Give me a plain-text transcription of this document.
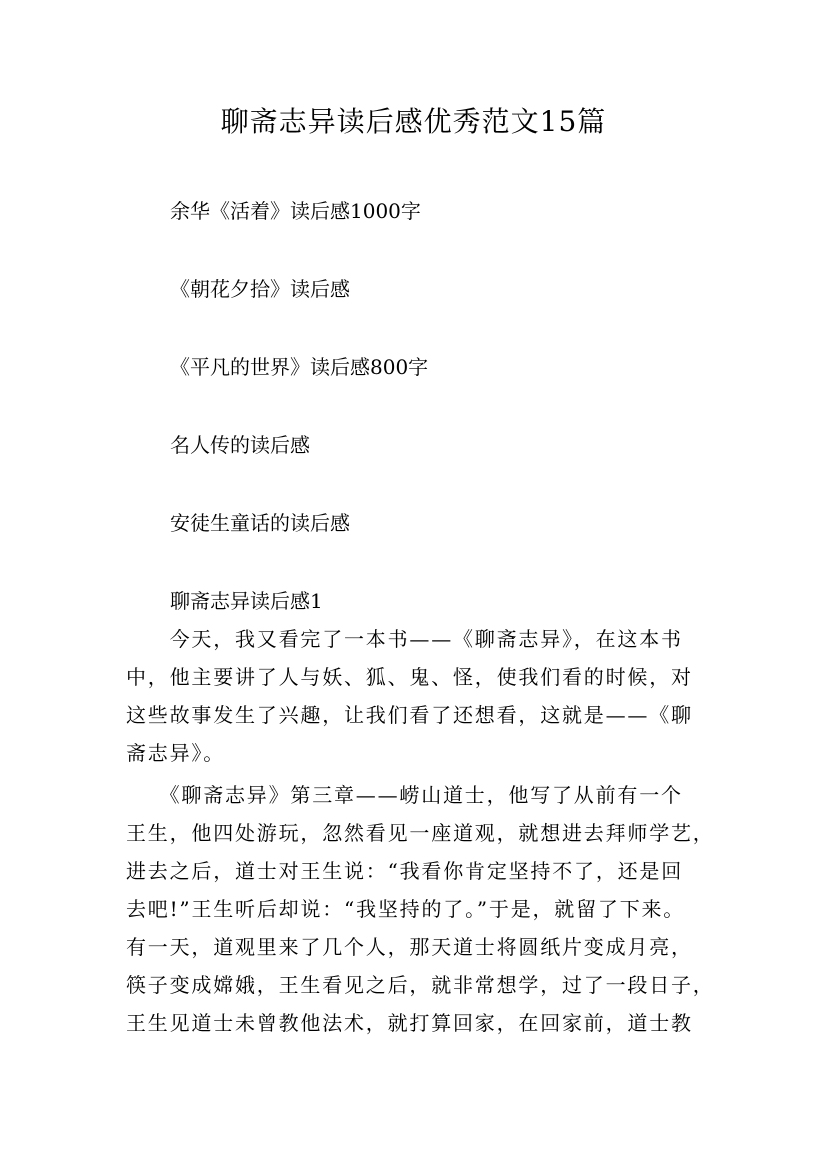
聊斋志异读后感优秀范文15篇

余华《活着》读后感1000字

《朝花夕拾》读后感

《平凡的世界》读后感800字

名人传的读后感

安徒生童话的读后感

聊斋志异读后感1

　　今天，我又看完了一本书——《聊斋志异》，在这本书
中，他主要讲了人与妖、狐、鬼、怪，使我们看的时候，对
这些故事发生了兴趣，让我们看了还想看，这就是——《聊
斋志异》。
　　《聊斋志异》第三章——崂山道士，他写了从前有一个
王生，他四处游玩，忽然看见一座道观，就想进去拜师学艺，
进去之后，道士对王生说：“我看你肯定坚持不了，还是回
去吧!”王生听后却说：“我坚持的了。”于是，就留了下来。
有一天，道观里来了几个人，那天道士将圆纸片变成月亮，
筷子变成嫦娥，王生看见之后，就非常想学，过了一段日子，
王生见道士未曾教他法术，就打算回家，在回家前，道士教
